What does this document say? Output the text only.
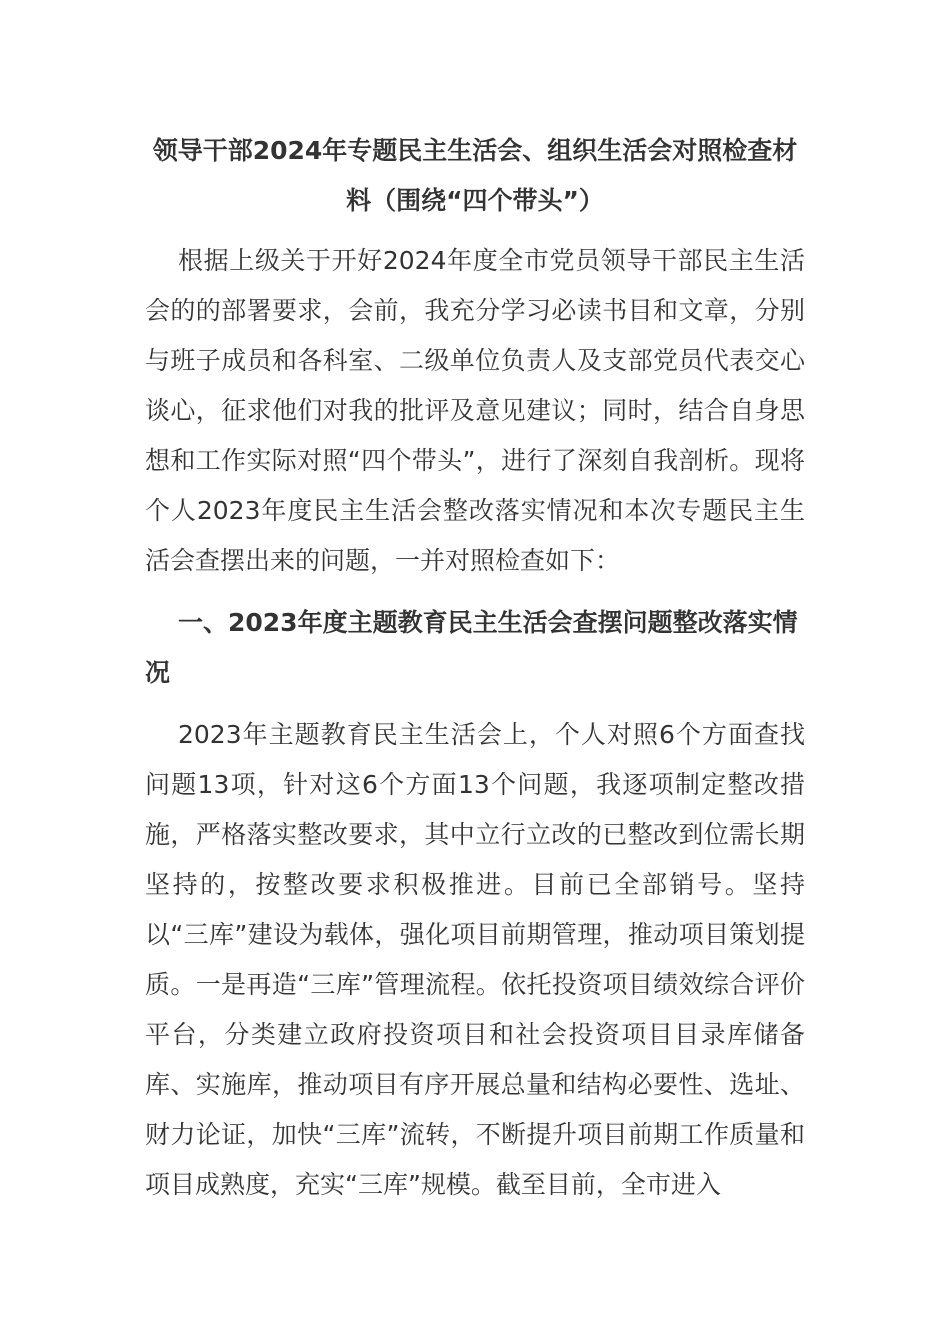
领导干部2024年专题民主生活会、组织生活会对照检查材料（围绕“四个带头”）

根据上级关于开好2024年度全市党员领导干部民主生活会的的部署要求，会前，我充分学习必读书目和文章，分别与班子成员和各科室、二级单位负责人及支部党员代表交心谈心，征求他们对我的批评及意见建议；同时，结合自身思想和工作实际对照“四个带头”，进行了深刻自我剖析。现将个人2023年度民主生活会整改落实情况和本次专题民主生活会查摆出来的问题，一并对照检查如下：

一、2023年度主题教育民主生活会查摆问题整改落实情况

2023年主题教育民主生活会上，个人对照6个方面查找问题13项，针对这6个方面13个问题，我逐项制定整改措施，严格落实整改要求，其中立行立改的已整改到位需长期坚持的，按整改要求积极推进。目前已全部销号。坚持以“三库”建设为载体，强化项目前期管理，推动项目策划提质。一是再造“三库”管理流程。依托投资项目绩效综合评价平台，分类建立政府投资项目和社会投资项目目录库储备库、实施库，推动项目有序开展总量和结构必要性、选址、财力论证，加快“三库”流转，不断提升项目前期工作质量和项目成熟度，充实“三库”规模。截至目前，全市进入
